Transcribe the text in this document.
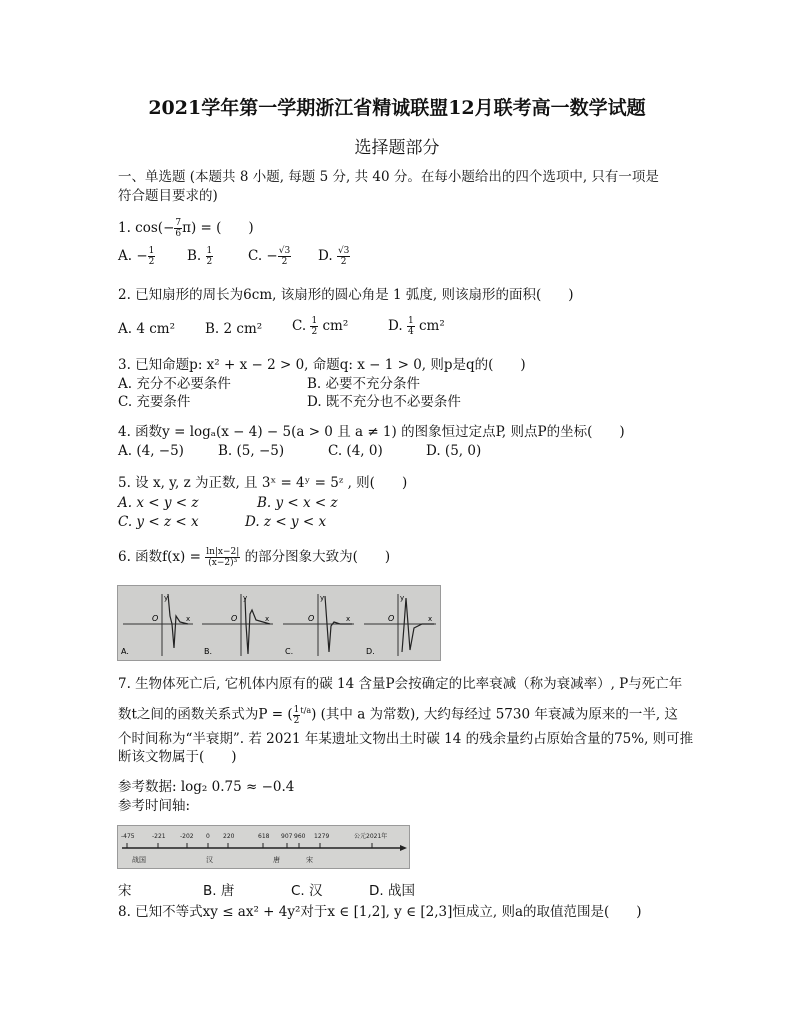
2021学年第一学期浙江省精诚联盟12月联考高一数学试题
选择题部分
一、单选题 (本题共 8 小题, 每题 5 分, 共 40 分。在每小题给出的四个选项中, 只有一项是
符合题目要求的)
1. $\cos(- \frac{7}{6} \pi)$ = (　　)
A. − $\frac{1}{2} B$. $\frac{1}{2}$	C. − $\frac{√3}{2} D$. $\frac{√3}{2}$
2. 已知扇形的周长为6cm, 该扇形的圆心角是 1 弧度, 则该扇形的面积(　　)
A. 4 cm² B. 2 cm² C. $\frac{1}{2} cm^2$	D. $\frac{1}{4} cm^2$
3. 已知命题p: x² + x − 2 > 0, 命题q: x − 1 > 0, 则p是q的(　　)
A. 充分不必要条件	B. 必要不充分条件
C. 充要条件	D. 既不充分也不必要条件
4. 函数y = logₐ(x − 4) − 5(a > 0 且 a ≠ 1) 的图象恒过定点P, 则点P的坐标(　　)
A. (4, −5)	B. (5, −5)	C. (4, 0)	D. (5, 0)
5. 设 x, y, z 为正数, 且 3ˣ = 4ʸ = 5ᶻ , 则(　　)
A. x < y < z	B. y < x < z
C. y < z < x	D. z < y < x
6. 函数$f(x) = \frac{\ln|x-2|}{\text{(x−2)³}}$ 的部分图象大致为(　　)
y
x
O
A.
y
x
O
B.
y
x
O
C.
y
x
O
D.
7. 生物体死亡后, 它机体内原有的碳 14 含量P会按确定的比率衰减（称为衰减率）, P与死亡年
数t之间的函数关系式为P = ( $\frac{1}{2} ^{t/a}$) (其中 a 为常数), 大约每经过 5730 年衰减为原来的一半, 这
个时间称为“半衰期”. 若 2021 年某遗址文物出土时碳 14 的残余量约占原始含量的75%, 则可推
断该文物属于(　　)
参考数据: log₂ 0.75 ≈ −0.4
参考时间轴:
-475	-221 -202 0 220	618 907 960 1279	公元2021年
战国	汉	唐	宋
宋	B. 唐	C. 汉	D. 战国
8. 已知不等式xy ≤ ax² + 4y²对于x ∈ [1,2], y ∈ [2,3]恒成立, 则a的取值范围是(　　)
